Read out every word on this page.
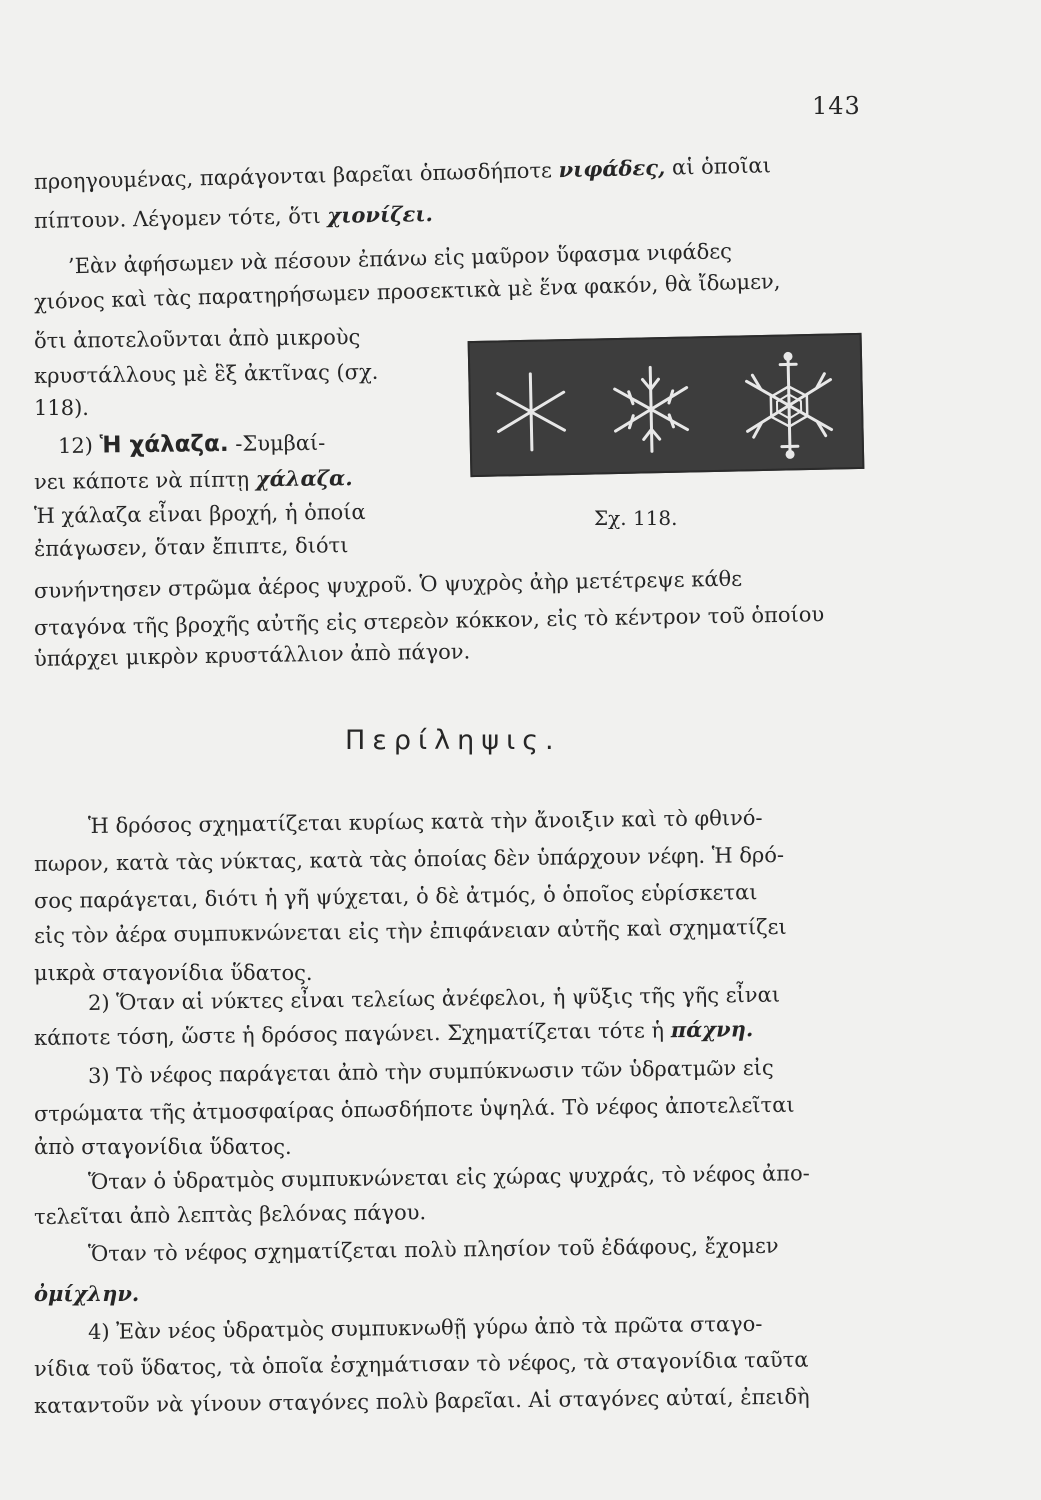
143
προηγουμένας, παράγονται βαρεῖαι ὁπωσδήποτε νιφάδες, αἱ ὁποῖαι
πίπτουν. Λέγομεν τότε, ὅτι χιονίζει.
’Εὰν ἀφήσωμεν νὰ πέσουν ἐπάνω εἰς μαῦρον ὕφασμα νιφάδες
χιόνος καὶ τὰς παρατηρήσωμεν προσεκτικὰ μὲ ἕνα φακόν, θὰ ἴδωμεν,
ὅτι ἀποτελοῦνται ἀπὸ μικροὺς
κρυστάλλους μὲ ἓξ ἀκτῖνας (σχ.
118).
12) Ἡ χάλαζα. -Συμβαί-
νει κάποτε νὰ πίπτῃ χάλαζα.
Ἡ χάλαζα εἶναι βροχή, ἡ ὁποία
ἐπάγωσεν, ὅταν ἔπιπτε, διότι
συνήντησεν στρῶμα ἀέρος ψυχροῦ. Ὁ ψυχρὸς ἀὴρ μετέτρεψε κάθε
σταγόνα τῆς βροχῆς αὐτῆς εἰς στερεὸν κόκκον, εἰς τὸ κέντρον τοῦ ὁποίου
ὑπάρχει μικρὸν κρυστάλλιον ἀπὸ πάγον.
Σχ. 118.
Περίληψις.
Ἡ δρόσος σχηματίζεται κυρίως κατὰ τὴν ἄνοιξιν καὶ τὸ φθινό-
πωρον, κατὰ τὰς νύκτας, κατὰ τὰς ὁποίας δὲν ὑπάρχουν νέφη. Ἡ δρό-
σος παράγεται, διότι ἡ γῆ ψύχεται, ὁ δὲ ἀτμός, ὁ ὁποῖος εὑρίσκεται
εἰς τὸν ἀέρα συμπυκνώνεται εἰς τὴν ἐπιφάνειαν αὐτῆς καὶ σχηματίζει
μικρὰ σταγονίδια ὕδατος.
2) Ὅταν αἱ νύκτες εἶναι τελείως ἀνέφελοι, ἡ ψῦξις τῆς γῆς εἶναι
κάποτε τόση, ὥστε ἡ δρόσος παγώνει. Σχηματίζεται τότε ἡ πάχνη.
3) Τὸ νέφος παράγεται ἀπὸ τὴν συμπύκνωσιν τῶν ὑδρατμῶν εἰς
στρώματα τῆς ἀτμοσφαίρας ὁπωσδήποτε ὑψηλά. Τὸ νέφος ἀποτελεῖται
ἀπὸ σταγονίδια ὕδατος.
Ὅταν ὁ ὑδρατμὸς συμπυκνώνεται εἰς χώρας ψυχράς, τὸ νέφος ἀπο-
τελεῖται ἀπὸ λεπτὰς βελόνας πάγου.
Ὅταν τὸ νέφος σχηματίζεται πολὺ πλησίον τοῦ ἐδάφους, ἔχομεν
ὀμίχλην.
4) Ἐὰν νέος ὑδρατμὸς συμπυκνωθῇ γύρω ἀπὸ τὰ πρῶτα σταγο-
νίδια τοῦ ὕδατος, τὰ ὁποῖα ἐσχημάτισαν τὸ νέφος, τὰ σταγονίδια ταῦτα
καταντοῦν νὰ γίνουν σταγόνες πολὺ βαρεῖαι. Αἱ σταγόνες αὐταί, ἐπειδὴ
